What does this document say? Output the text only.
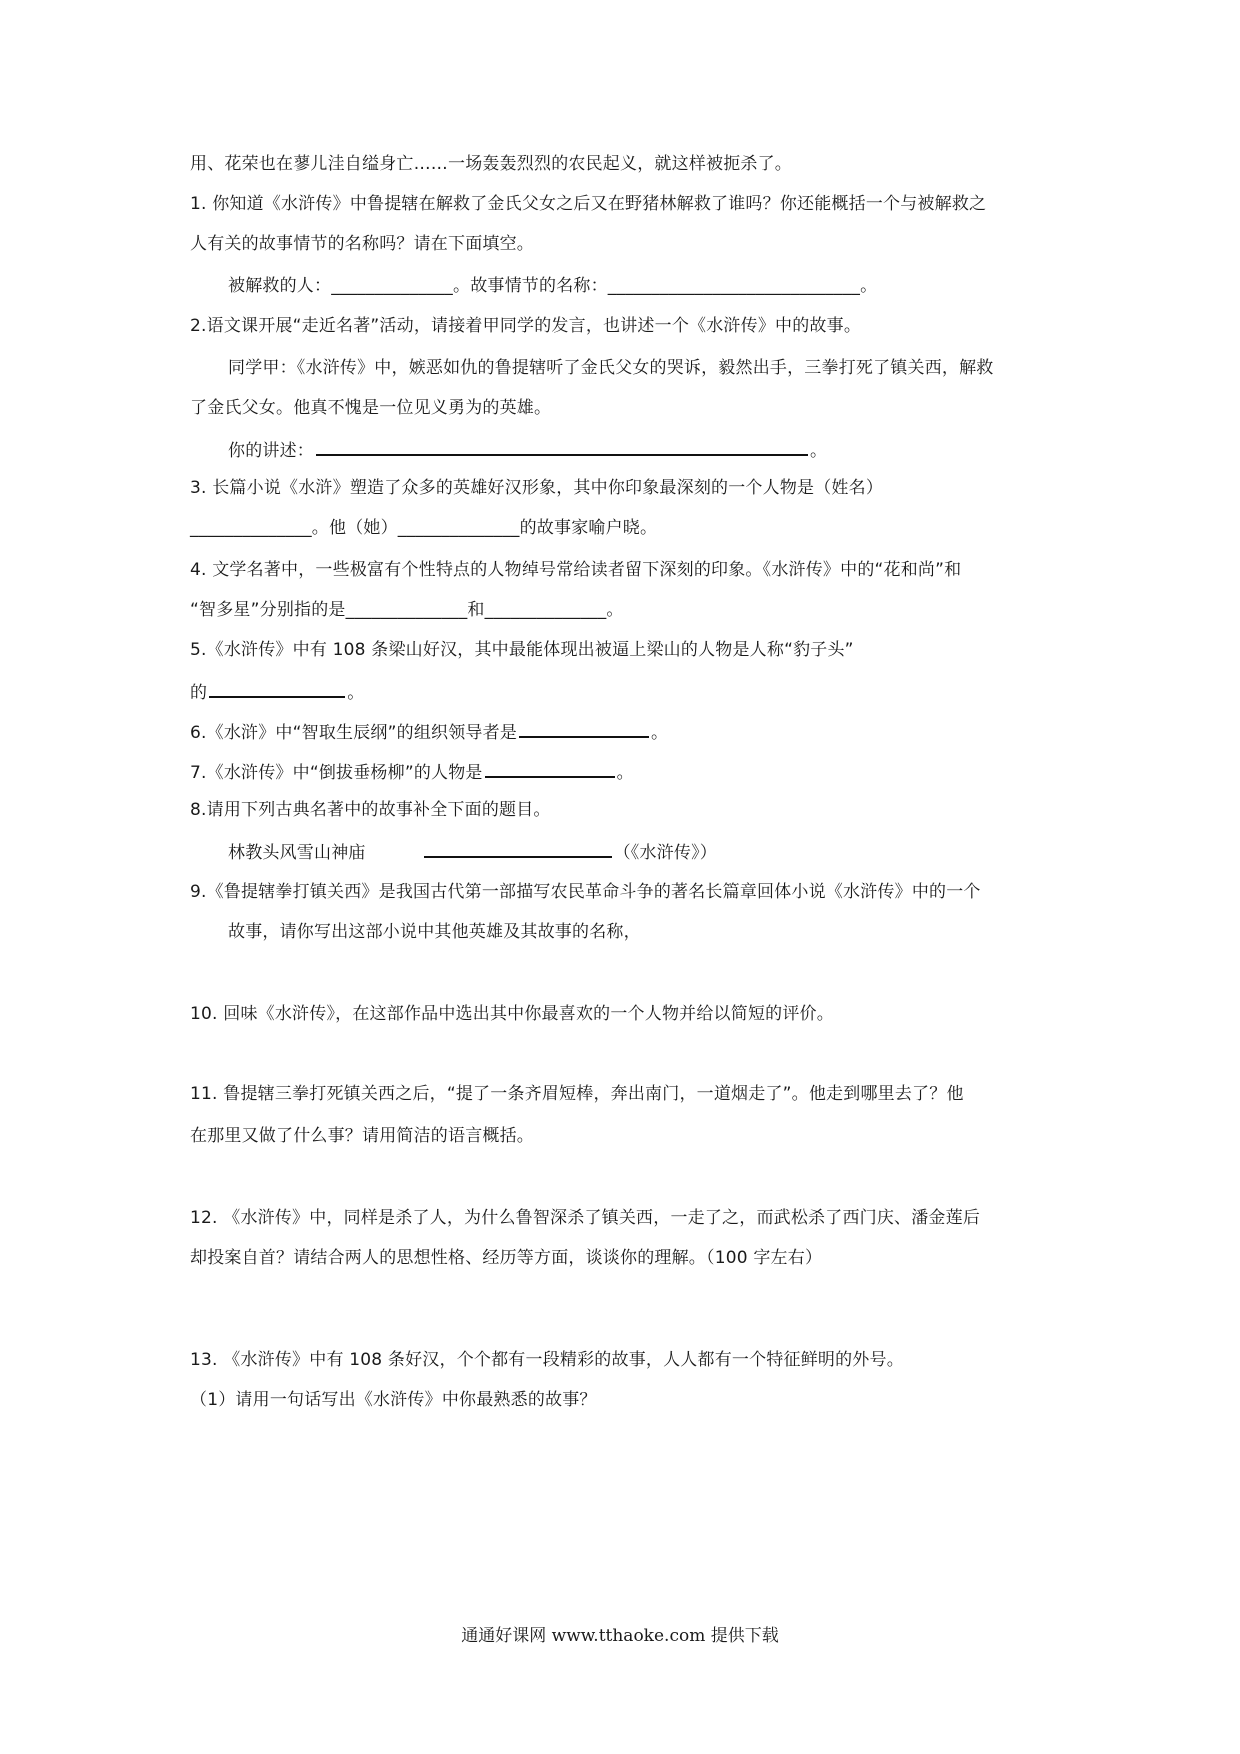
用、花荣也在蓼儿洼自缢身亡……一场轰轰烈烈的农民起义，就这样被扼杀了。
1. 你知道《水浒传》中鲁提辖在解救了金氏父女之后又在野猪林解救了谁吗？你还能概括一个与被解救之
人有关的故事情节的名称吗？请在下面填空。
被解救的人：______________。故事情节的名称：_____________________________。
2.语文课开展“走近名著”活动，请接着甲同学的发言，也讲述一个《水浒传》中的故事。
同学甲：《水浒传》中，嫉恶如仇的鲁提辖听了金氏父女的哭诉，毅然出手，三拳打死了镇关西，解救
了金氏父女。他真不愧是一位见义勇为的英雄。
你的讲述：	。
3. 长篇小说《水浒》塑造了众多的英雄好汉形象，其中你印象最深刻的一个人物是（姓名）
______________。他（她）______________的故事家喻户晓。
4. 文学名著中，一些极富有个性特点的人物绰号常给读者留下深刻的印象。《水浒传》中的“花和尚”和
“智多星”分别指的是______________和______________。
5.《水浒传》中有 108 条梁山好汉，其中最能体现出被逼上梁山的人物是人称“豹子头”
的	。
6.《水浒》中“智取生辰纲”的组织领导者是	。
7.《水浒传》中“倒拔垂杨柳”的人物是	。
8.请用下列古典名著中的故事补全下面的题目。
林教头风雪山神庙	（《水浒传》）
9.《鲁提辖拳打镇关西》是我国古代第一部描写农民革命斗争的著名长篇章回体小说《水浒传》中的一个
故事，请你写出这部小说中其他英雄及其故事的名称，
10. 回味《水浒传》，在这部作品中选出其中你最喜欢的一个人物并给以简短的评价。
11. 鲁提辖三拳打死镇关西之后，“提了一条齐眉短棒，奔出南门，一道烟走了”。他走到哪里去了？他
在那里又做了什么事？请用简洁的语言概括。
12. 《水浒传》中，同样是杀了人，为什么鲁智深杀了镇关西，一走了之，而武松杀了西门庆、潘金莲后
却投案自首？请结合两人的思想性格、经历等方面，谈谈你的理解。（100 字左右）
13. 《水浒传》中有 108 条好汉，个个都有一段精彩的故事，人人都有一个特征鲜明的外号。
（1）请用一句话写出《水浒传》中你最熟悉的故事？
通通好课网 www.tthaoke.com 提供下载
